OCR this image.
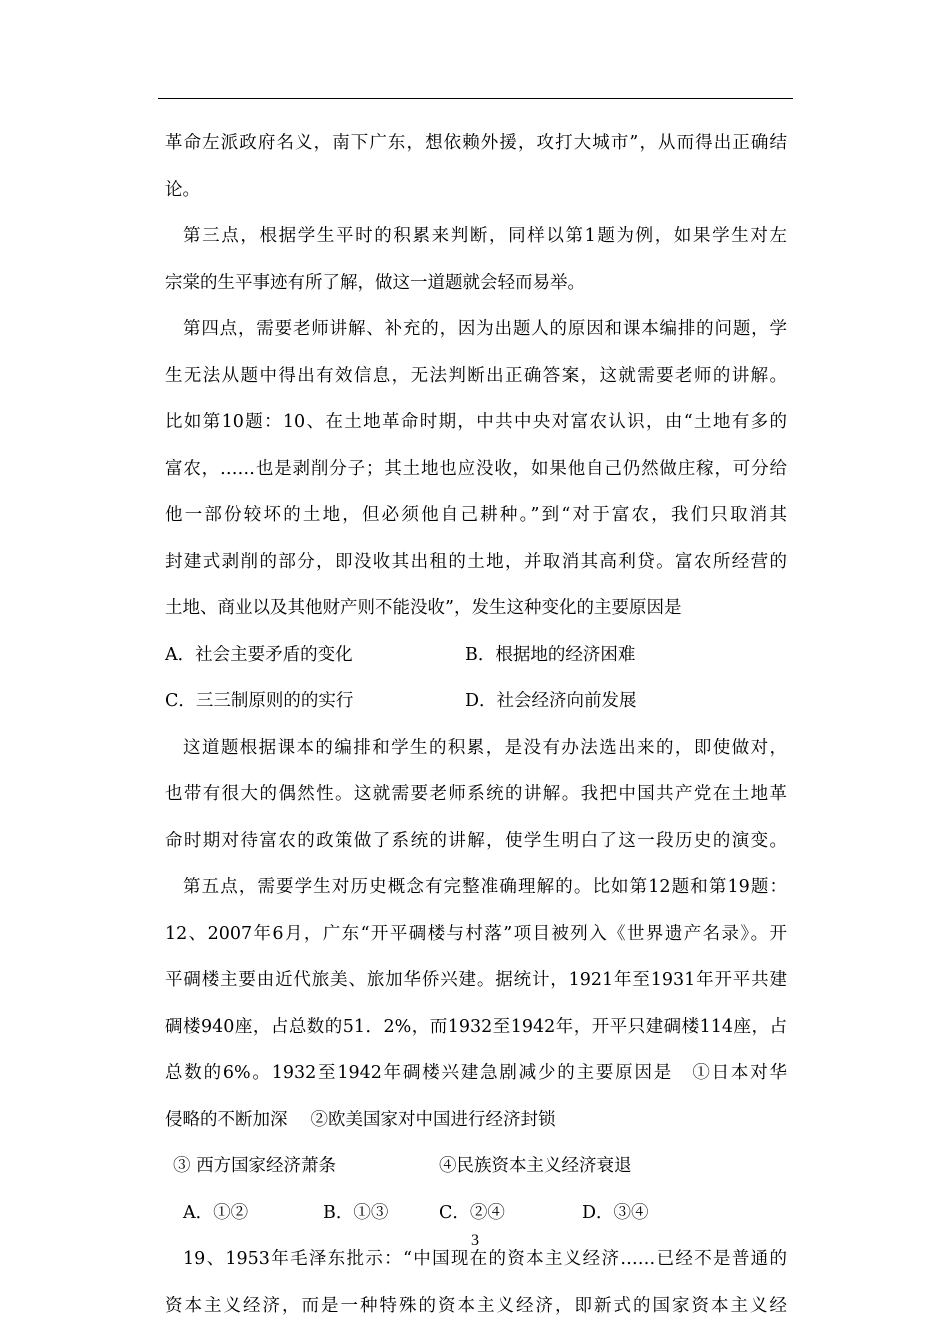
革命左派政府名义，南下广东，想依赖外援，攻打大城市”，从而得出正确结
论。
第三点，根据学生平时的积累来判断，同样以第1题为例，如果学生对左
宗棠的生平事迹有所了解，做这一道题就会轻而易举。
第四点，需要老师讲解、补充的，因为出题人的原因和课本编排的问题，学
生无法从题中得出有效信息，无法判断出正确答案，这就需要老师的讲解。
比如第10题：10、在土地革命时期，中共中央对富农认识，由“土地有多的
富农，……也是剥削分子；其土地也应没收，如果他自己仍然做庄稼，可分给
他一部份较坏的土地，但必须他自己耕种。”到“对于富农，我们只取消其
封建式剥削的部分，即没收其出租的土地，并取消其高利贷。富农所经营的
土地、商业以及其他财产则不能没收”，发生这种变化的主要原因是
A．社会主要矛盾的变化	B．根据地的经济困难
C．三三制原则的的实行	D．社会经济向前发展
这道题根据课本的编排和学生的积累，是没有办法选出来的，即使做对，
也带有很大的偶然性。这就需要老师系统的讲解。我把中国共产党在土地革
命时期对待富农的政策做了系统的讲解，使学生明白了这一段历史的演变。
第五点，需要学生对历史概念有完整准确理解的。比如第12题和第19题：
12、2007年6月，广东“开平碉楼与村落”项目被列入《世界遗产名录》。开
平碉楼主要由近代旅美、旅加华侨兴建。据统计，1921年至1931年开平共建
碉楼940座，占总数的51．2%，而1932至1942年，开平只建碉楼114座，占
总数的6%。1932至1942年碉楼兴建急剧减少的主要原因是　①日本对华
侵略的不断加深　 ②欧美国家对中国进行经济封锁
③ 西方国家经济萧条	④民族资本主义经济衰退
A．①②	B．①③	C．②④	D．③④
19、1953年毛泽东批示：“中国现在的资本主义经济……已经不是普通的
资本主义经济，而是一种特殊的资本主义经济，即新式的国家资本主义经
3
